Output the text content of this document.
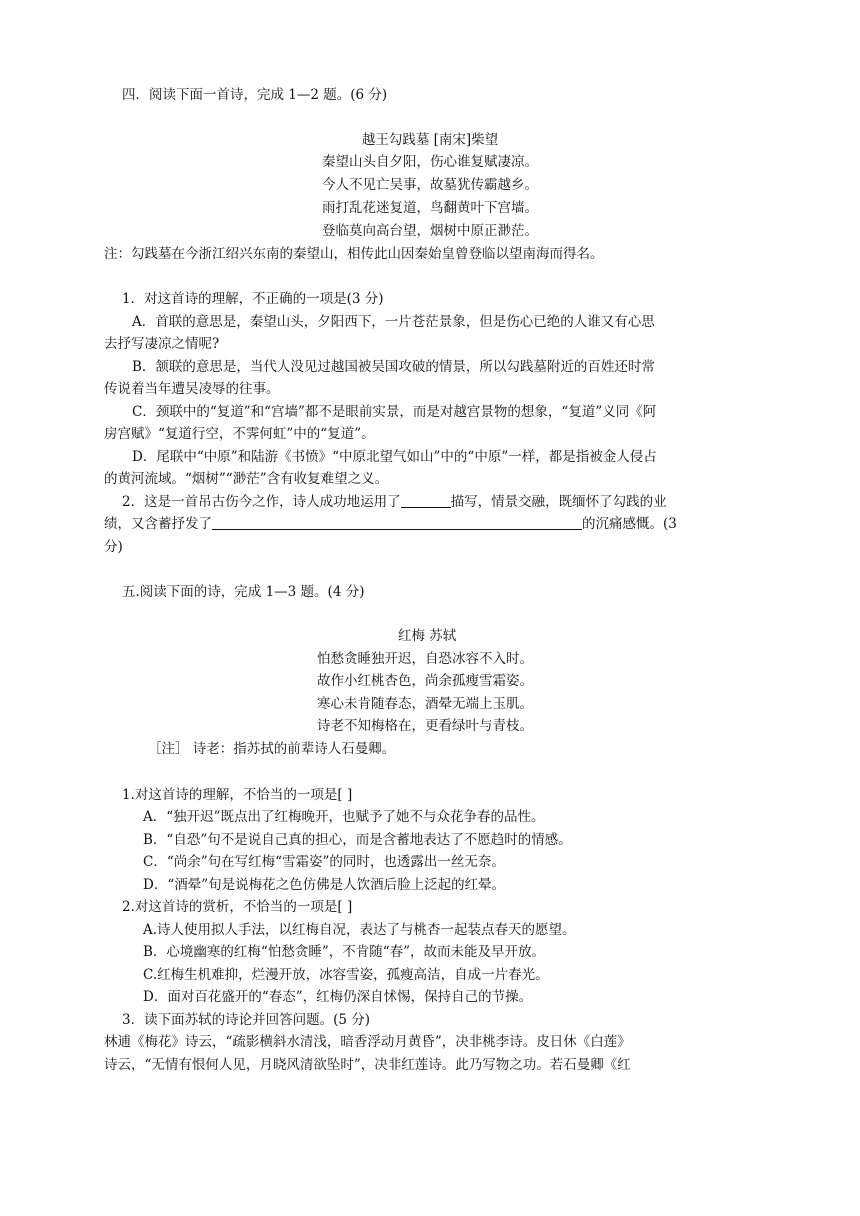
四．阅读下面一首诗，完成 1—2 题。(6 分)
越王勾践墓 [南宋]柴望
秦望山头自夕阳，伤心谁复赋凄凉。
今人不见亡吴事，故墓犹传霸越乡。
雨打乱花迷复道，鸟翻黄叶下宫墙。
登临莫向高台望，烟树中原正渺茫。
注：勾践墓在今浙江绍兴东南的秦望山，相传此山因秦始皇曾登临以望南海而得名。
1．对这首诗的理解，不正确的一项是(3 分)
A．首联的意思是，秦望山头，夕阳西下，一片苍茫景象，但是伤心已绝的人谁又有心思
去抒写凄凉之情呢?
B．颔联的意思是，当代人没见过越国被吴国攻破的情景，所以勾践墓附近的百姓还时常
传说着当年遭吴凌辱的往事。
C．颈联中的“复道”和“宫墙”都不是眼前实景，而是对越宫景物的想象，“复道”义同《阿
房宫赋》“复道行空，不霁何虹”中的“复道”。
D．尾联中“中原”和陆游《书愤》“中原北望气如山”中的“中原”一样，都是指被金人侵占
的黄河流域。“烟树”“渺茫”含有收复难望之义。
2．这是一首吊古伤今之作，诗人成功地运用了	描写，情景交融，既缅怀了勾践的业
绩，又含蓄抒发了	的沉痛感慨。(3
分)
五.阅读下面的诗，完成 1—3 题。(4 分)
红梅 苏轼
怕愁贪睡独开迟，自恐冰容不入时。
故作小红桃杏色，尚余孤瘦雪霜姿。
寒心未肯随春态，酒晕无端上玉肌。
诗老不知梅格在，更看绿叶与青枝。
［注］ 诗老：指苏拭的前辈诗人石曼卿。
1.对这首诗的理解，不恰当的一项是[ ]
A．“独开迟”既点出了红梅晚开，也赋予了她不与众花争春的品性。
B．“自恐”句不是说自己真的担心，而是含蓄地表达了不愿趋时的情感。
C．“尚余”句在写红梅“雪霜姿”的同时，也透露出一丝无奈。
D．“酒晕”旬是说梅花之色仿佛是人饮酒后脸上泛起的红晕。
2.对这首诗的赏析，不恰当的一项是[ ]
A.诗人使用拟人手法，以红梅自况，表达了与桃杏一起装点春天的愿望。
B．心境幽寒的红梅“怕愁贪睡”，不肯随“春”，故而未能及早开放。
C.红梅生机难抑，烂漫开放，冰容雪姿，孤瘦高洁，自成一片春光。
D．面对百花盛开的“春态”，红梅仍深自怵惕，保持自己的节操。
3．读下面苏轼的诗论并回答问题。(5 分)
林逋《梅花》诗云，“疏影横斜水清浅，暗香浮动月黄昏”，决非桃李诗。皮日休《白莲》
诗云，“无情有恨何人见，月晓风清欲坠时”，决非红莲诗。此乃写物之功。若石曼卿《红
